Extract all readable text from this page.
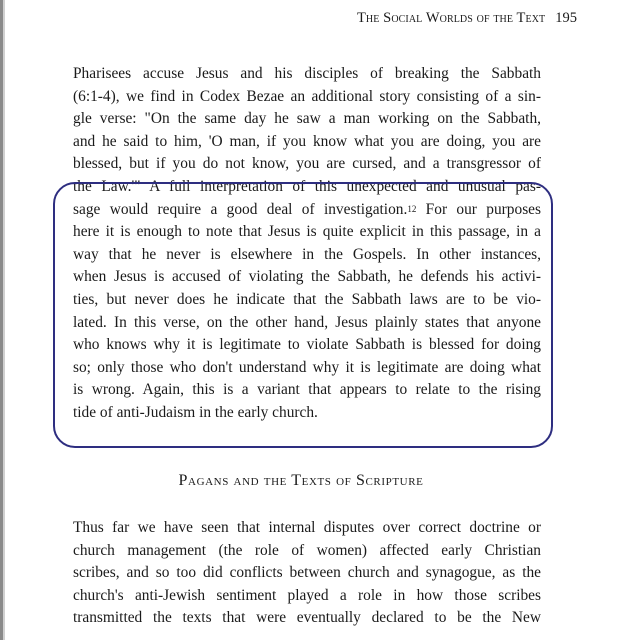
The Social Worlds of the Text 195
Pharisees accuse Jesus and his disciples of breaking the Sabbath
(6:1-4), we find in Codex Bezae an additional story consisting of a sin-
gle verse: "On the same day he saw a man working on the Sabbath,
and he said to him, 'O man, if you know what you are doing, you are
blessed, but if you do not know, you are cursed, and a transgressor of
the Law.'" A full interpretation of this unexpected and unusual pas-
sage would require a good deal of investigation.$^{12}$ For our purposes
here it is enough to note that Jesus is quite explicit in this passage, in a
way that he never is elsewhere in the Gospels. In other instances,
when Jesus is accused of violating the Sabbath, he defends his activi-
ties, but never does he indicate that the Sabbath laws are to be vio-
lated. In this verse, on the other hand, Jesus plainly states that anyone
who knows why it is legitimate to violate Sabbath is blessed for doing
so; only those who don't understand why it is legitimate are doing what
is wrong. Again, this is a variant that appears to relate to the rising
tide of anti-Judaism in the early church.
Pagans and the Texts of Scripture
Thus far we have seen that internal disputes over correct doctrine or
church management (the role of women) affected early Christian
scribes, and so too did conflicts between church and synagogue, as the
church's anti-Jewish sentiment played a role in how those scribes
transmitted the texts that were eventually declared to be the New
